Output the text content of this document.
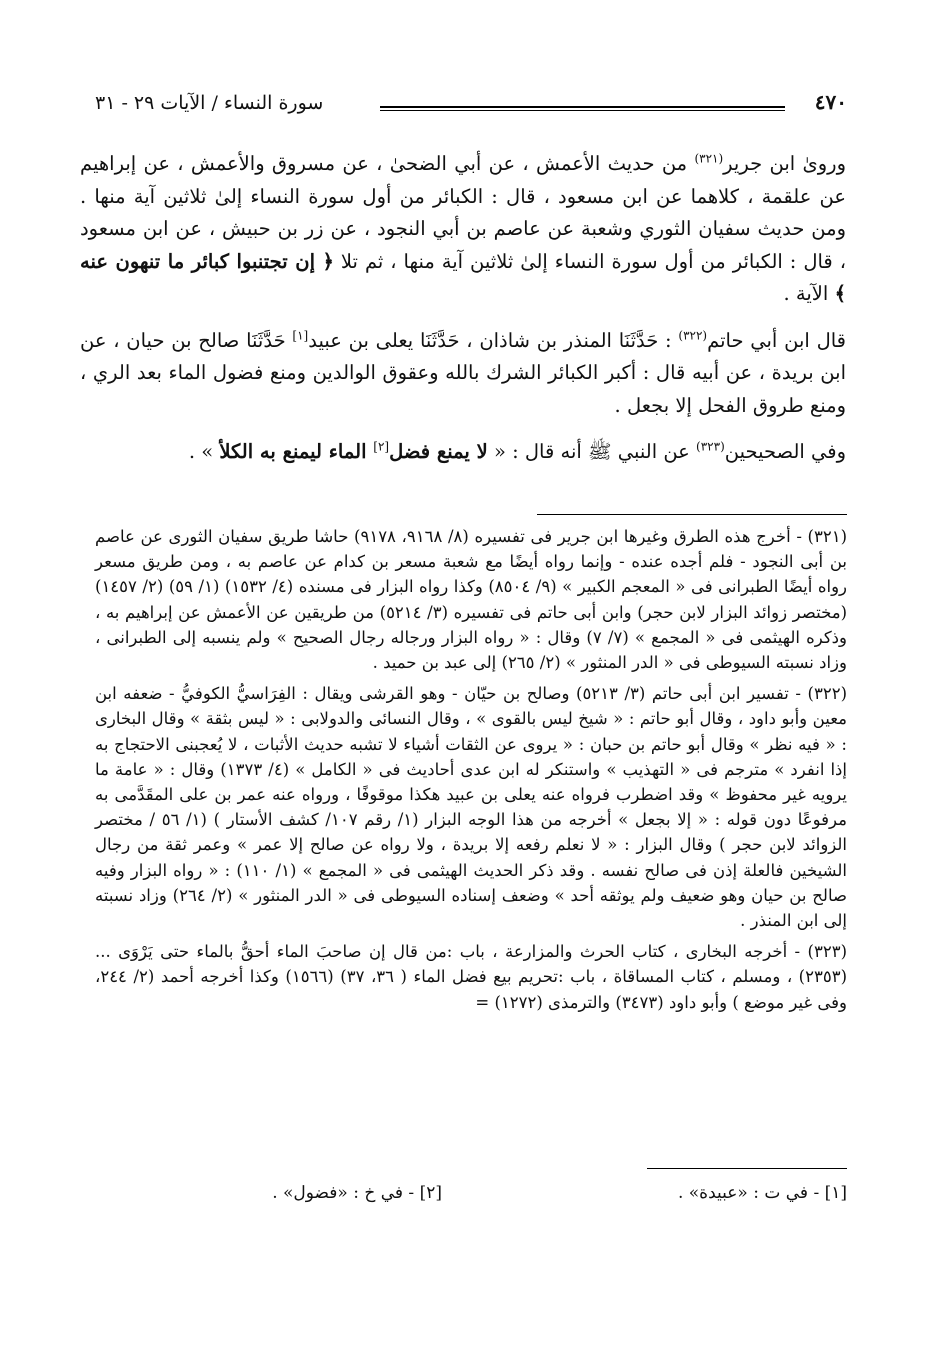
٤٧٠
سورة النساء / الآيات ٢٩ - ٣١

وروىٰ ابن جرير$^{(٣٢١)}$ من حديث الأعمش ، عن أبي الضحىٰ ، عن مسروق والأعمش ، عن إبراهيم عن علقمة ، كلاهما عن ابن مسعود ، قال : الكبائر من أول سورة النساء إلىٰ ثلاثين آية منها . ومن حديث سفيان الثوري وشعبة عن عاصم بن أبي النجود ، عن زر بن حبيش ، عن ابن مسعود ، قال : الكبائر من أول سورة النساء إلىٰ ثلاثين آية منها ، ثم تلا ﴿ إن تجتنبوا كبائر ما تنهون عنه ﴾ الآية .

قال ابن أبي حاتم$^{(٣٢٢)}$ : حَدَّثَنَا المنذر بن شاذان ، حَدَّثَنَا يعلى بن عبيد[١] حَدَّثَنَا صالح بن حيان ، عن ابن بريدة ، عن أبيه قال : أكبر الكبائر الشرك بالله وعقوق الوالدين ومنع فضول الماء بعد الري ، ومنع طروق الفحل إلا بجعل .

وفي الصحيحين$^{(٣٢٣)}$ عن النبي ﷺ أنه قال : « لا يمنع فضل[٢] الماء ليمنع به الكلأ » .

(٣٢١) - أخرج هذه الطرق وغيرها ابن جرير فى تفسيره (٨/ ٩١٦٨، ٩١٧٨) حاشا طريق سفيان الثورى عن عاصم بن أبى النجود - فلم أجده عنده - وإنما رواه أيضًا مع شعبة مسعر بن كدام عن عاصم به ، ومن طريق مسعر رواه أيضًا الطبرانى فى « المعجم الكبير » (٩/ ٨٥٠٤) وكذا رواه البزار فى مسنده (٤/ ١٥٣٢) (١/ ٥٩) (٢/ ١٤٥٧) (مختصر زوائد البزار لابن حجر) وابن أبى حاتم فى تفسيره (٣/ ٥٢١٤) من طريقين عن الأعمش عن إبراهيم به ، وذكره الهيثمى فى « المجمع » (٧/ ٧) وقال : « رواه البزار ورجاله رجال الصحيح » ولم ينسبه إلى الطبرانى ، وزاد نسبته السيوطى فى « الدر المنثور » (٢/ ٢٦٥) إلى عبد بن حميد .

(٣٢٢) - تفسير ابن أبى حاتم (٣/ ٥٢١٣) وصالح بن حيّان - وهو القرشى ويقال : الفِرَاسيُّ الكوفيُّ - ضعفه ابن معين وأبو داود ، وقال أبو حاتم : « شيخ ليس بالقوى » ، وقال النسائى والدولابى : « ليس بثقة » وقال البخارى : « فيه نظر » وقال أبو حاتم بن حبان : « يروى عن الثقات أشياء لا تشبه حديث الأثبات ، لا يُعجبنى الاحتجاج به إذا انفرد » مترجم فى « التهذيب » واستنكر له ابن عدى أحاديث فى « الكامل » (٤/ ١٣٧٣) وقال : « عامة ما يرويه غير محفوظ » وقد اضطرب فرواه عنه يعلى بن عبيد هكذا موقوفًا ، ورواه عنه عمر بن على المقَدَّمى به مرفوعًا دون قوله : « إلا بجعل » أخرجه من هذا الوجه البزار (١/ رقم ١٠٧/ كشف الأستار ) (١/ ٥٦ / مختصر الزوائد لابن حجر ) وقال البزار : « لا نعلم رفعه إلا بريدة ، ولا رواه عن صالح إلا عمر » وعمر ثقة من رجال الشيخين فالعلة إذن فى صالح نفسه . وقد ذكر الحديث الهيثمى فى « المجمع » (١/ ١١٠) : « رواه البزار وفيه صالح بن حيان وهو ضعيف ولم يوثقه أحد » وضعف إسناده السيوطى فى « الدر المنثور » (٢/ ٢٦٤) وزاد نسبته إلى ابن المنذر .

(٣٢٣) - أخرجه البخارى ، كتاب الحرث والمزارعة ، باب :من قال إن صاحبَ الماء أحقُّ بالماء حتى يَرْوَى ... (٢٣٥٣) ، ومسلم ، كتاب المساقاة ، باب :تحريم بيع فضل الماء ( ٣٦، ٣٧) (١٥٦٦) وكذا أخرجه أحمد (٢/ ٢٤٤، وفى غير موضع ) وأبو داود (٣٤٧٣) والترمذى (١٢٧٢) =

[١] - في ت : «عبيدة» .
[٢] - في خ : «فضول» .
